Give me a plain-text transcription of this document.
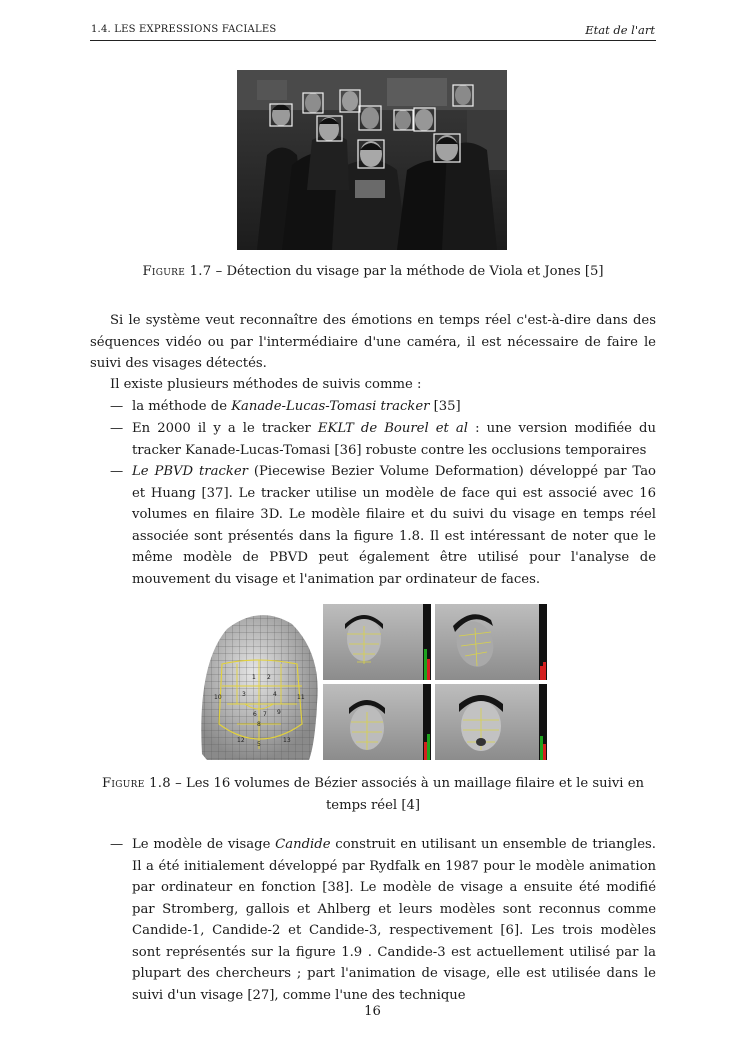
1.4. LES EXPRESSIONS FACIALES	Etat de l'art
Figure 1.7 – Détection du visage par la méthode de Viola et Jones [5]
Si le système veut reconnaître des émotions en temps réel c'est-à-dire dans des séquences vidéo ou par l'intermédiaire d'une caméra, il est nécessaire de faire le suivi des visages détectés.
Il existe plusieurs méthodes de suivis comme :
— la méthode de Kanade-Lucas-Tomasi tracker [35]
— En 2000 il y a le tracker EKLT de Bourel et al : une version modifiée du tracker Kanade-Lucas-Tomasi [36] robuste contre les occlusions temporaires
— Le PBVD tracker (Piecewise Bezier Volume Deformation) développé par Tao et Huang [37]. Le tracker utilise un modèle de face qui est associé avec 16 volumes en filaire 3D. Le modèle filaire et du suivi du visage en temps réel associée sont présentés dans la figure 1.8. Il est intéressant de noter que le même modèle de PBVD peut également être utilisé pour l'analyse de mouvement du visage et l'animation par ordinateur de faces.
1 2
3	4
5
6 7
8
9
10	11
12	13
Figure 1.8 – Les 16 volumes de Bézier associés à un maillage filaire et le suivi en temps réel [4]
— Le modèle de visage Candide construit en utilisant un ensemble de triangles. Il a été initialement développé par Rydfalk en 1987 pour le modèle animation par ordinateur en fonction [38]. Le modèle de visage a ensuite été modifié par Stromberg, gallois et Ahlberg et leurs modèles sont reconnus comme Candide-1, Candide-2 et Candide-3, respectivement [6]. Les trois modèles sont représentés sur la figure 1.9 . Candide-3 est actuellement utilisé par la plupart des chercheurs ; part l'animation de visage, elle est utilisée dans le suivi d'un visage [27], comme l'une des technique
16
